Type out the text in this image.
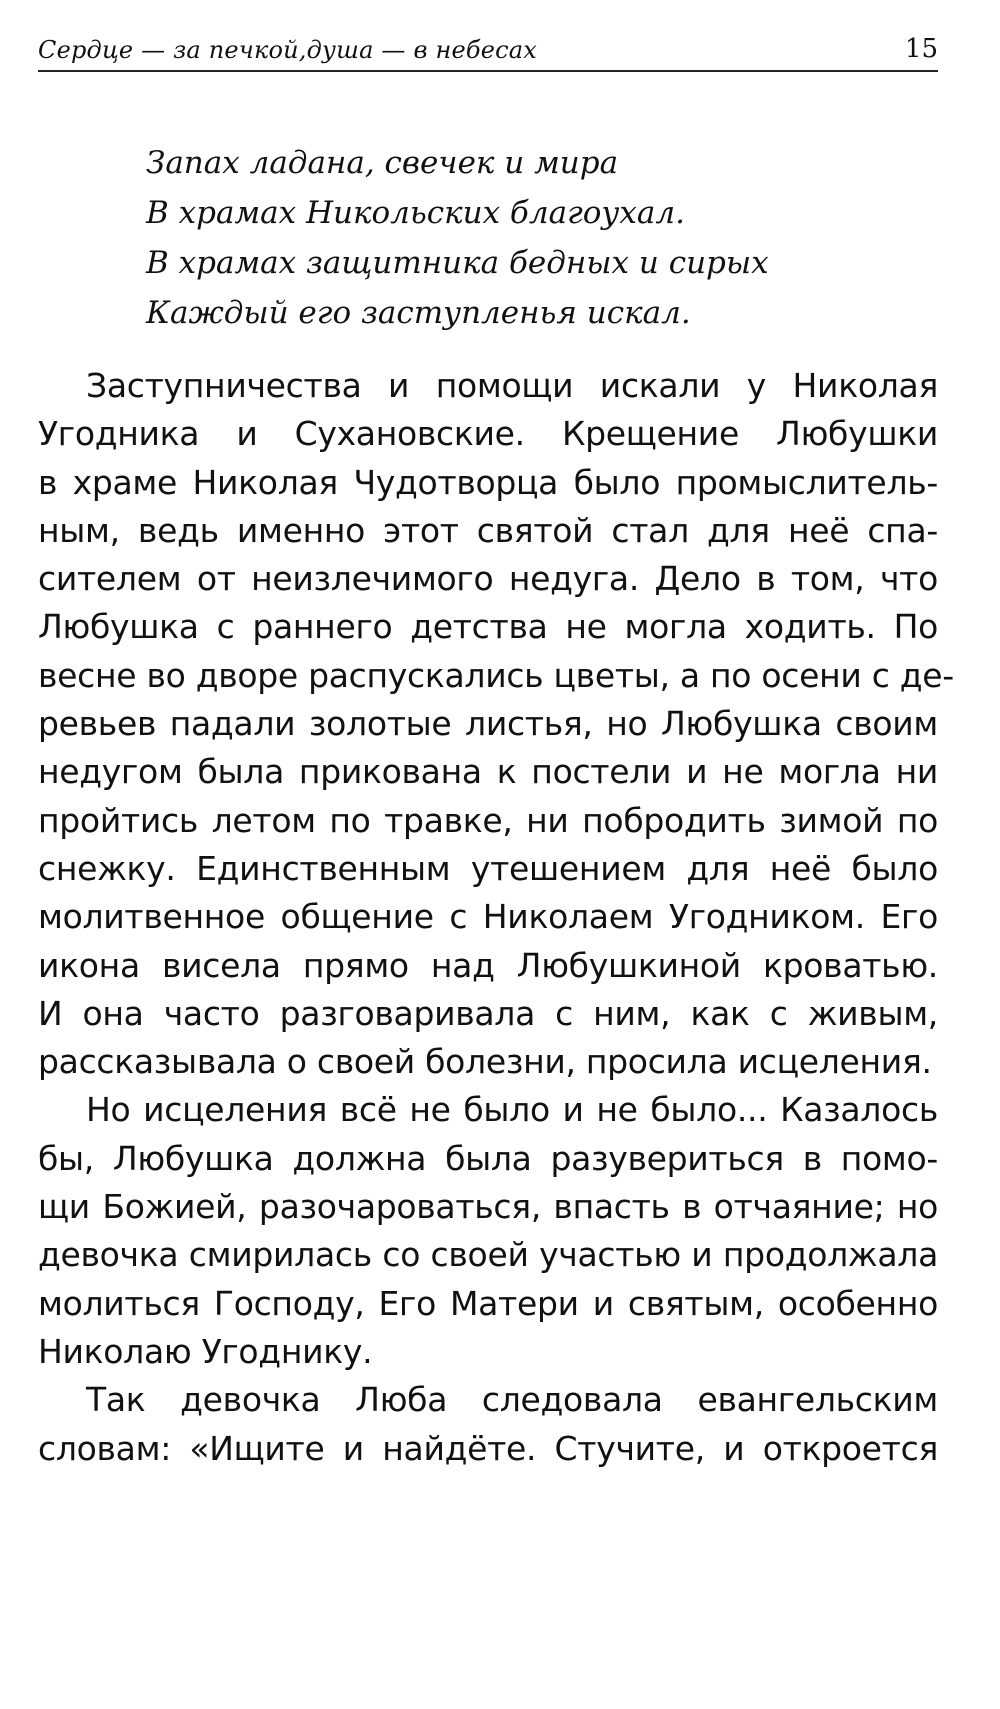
Сердце — за печкой,душа — в небесах	15
Запах ладана, свечек и мира
В храмах Никольских благоухал.
В храмах защитника бедных и сирых
Каждый его заступленья искал.
Заступничества и помощи искали у Николая
Угодника и Сухановские. Крещение Любушки
в храме Николая Чудотворца было промыслитель-
ным, ведь именно этот святой стал для неё спа-
сителем от неизлечимого недуга. Дело в том, что
Любушка с раннего детства не могла ходить. По
весне во дворе распускались цветы, а по осени с де-
ревьев падали золотые листья, но Любушка своим
недугом была прикована к постели и не могла ни
пройтись летом по травке, ни побродить зимой по
снежку. Единственным утешением для неё было
молитвенное общение с Николаем Угодником. Его
икона висела прямо над Любушкиной кроватью.
И она часто разговаривала с ним, как с живым,
рассказывала о своей болезни, просила исцеления.
Но исцеления всё не было и не было... Казалось
бы, Любушка должна была разувериться в помо-
щи Божией, разочароваться, впасть в отчаяние; но
девочка смирилась со своей участью и продолжала
молиться Господу, Его Матери и святым, особенно
Николаю Угоднику.
Так девочка Люба следовала евангельским
словам: «Ищите и найдёте. Стучите, и откроется
